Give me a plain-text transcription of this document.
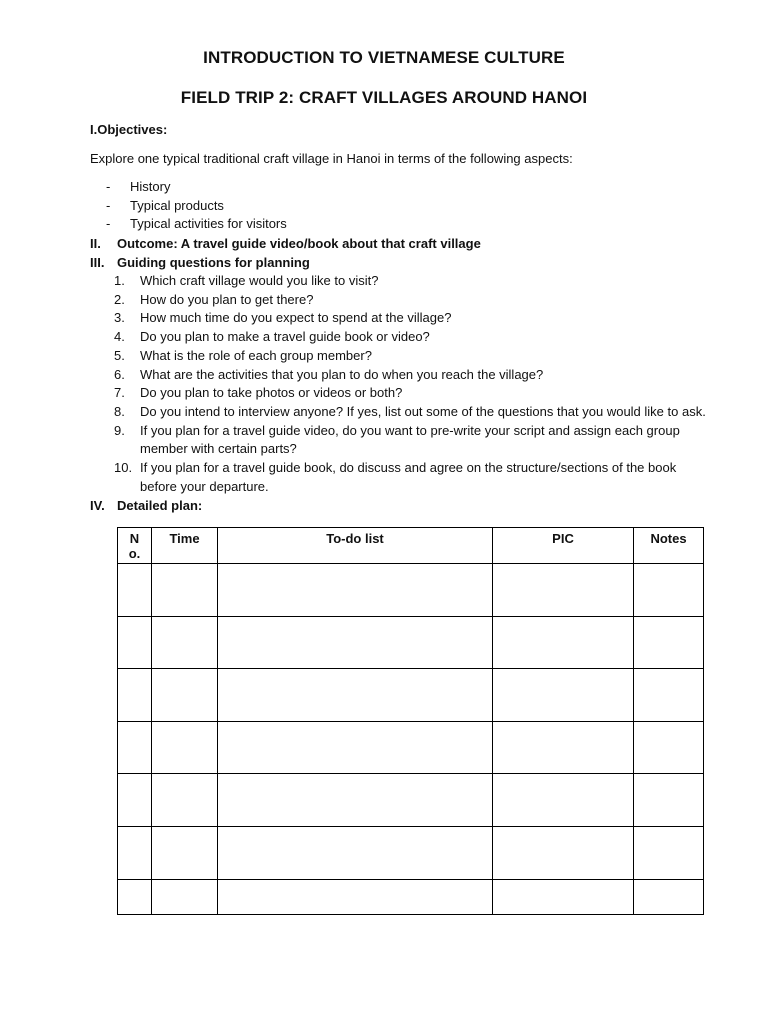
INTRODUCTION TO VIETNAMESE CULTURE
FIELD TRIP 2: CRAFT VILLAGES AROUND HANOI
I.Objectives:
Explore one typical traditional craft village in Hanoi in terms of the following aspects:
-	History
-	Typical products
-	Typical activities for visitors
II.	Outcome: A travel guide video/book about that craft village
III. Guiding questions for planning
1.	Which craft village would you like to visit?
2.	How do you plan to get there?
3.	How much time do you expect to spend at the village?
4.	Do you plan to make a travel guide book or video?
5.	What is the role of each group member?
6.	What are the activities that you plan to do when you reach the village?
7.	Do you plan to take photos or videos or both?
8.	Do you intend to interview anyone? If yes, list out some of the questions that you would like to ask.
9.	If you plan for a travel guide video, do you want to pre-write your script and assign each group member with certain parts?
10. If you plan for a travel guide book, do discuss and agree on the structure/sections of the book before your departure.
IV. Detailed plan:
No.	Time	To-do list	PIC	Notes
